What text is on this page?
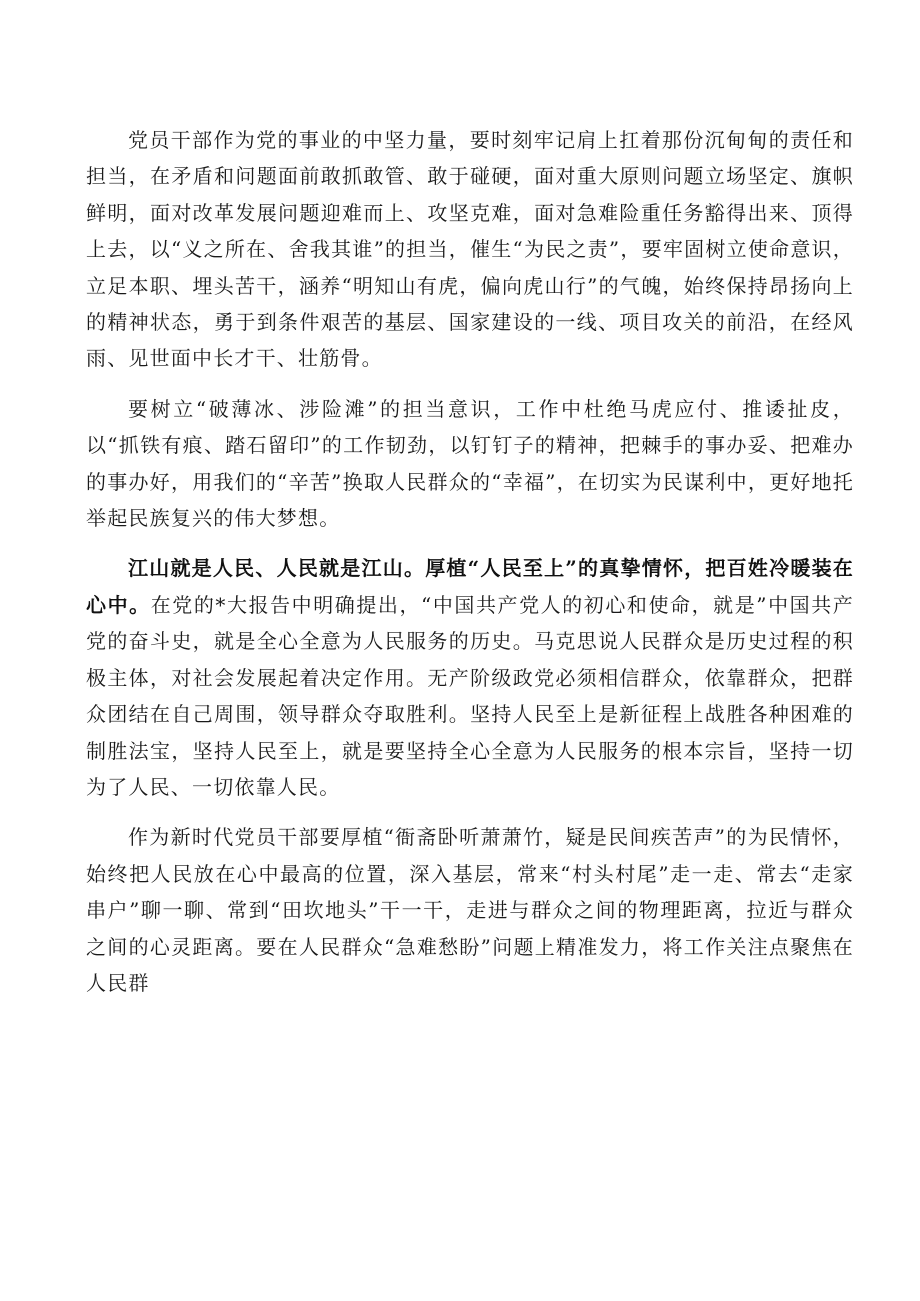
党员干部作为党的事业的中坚力量，要时刻牢记肩上扛着那份沉甸甸的责任和担当，在矛盾和问题面前敢抓敢管、敢于碰硬，面对重大原则问题立场坚定、旗帜鲜明，面对改革发展问题迎难而上、攻坚克难，面对急难险重任务豁得出来、顶得上去，以“义之所在、舍我其谁”的担当，催生“为民之责”，要牢固树立使命意识，立足本职、埋头苦干，涵养“明知山有虎，偏向虎山行”的气魄，始终保持昂扬向上的精神状态，勇于到条件艰苦的基层、国家建设的一线、项目攻关的前沿，在经风雨、见世面中长才干、壮筋骨。

要树立“破薄冰、涉险滩”的担当意识，工作中杜绝马虎应付、推诿扯皮，以“抓铁有痕、踏石留印”的工作韧劲，以钉钉子的精神，把棘手的事办妥、把难办的事办好，用我们的“辛苦”换取人民群众的“幸福”，在切实为民谋利中，更好地托举起民族复兴的伟大梦想。

江山就是人民、人民就是江山。厚植“人民至上”的真挚情怀，把百姓冷暖装在心中。在党的*大报告中明确提出，“中国共产党人的初心和使命，就是”中国共产党的奋斗史，就是全心全意为人民服务的历史。马克思说人民群众是历史过程的积极主体，对社会发展起着决定作用。无产阶级政党必须相信群众，依靠群众，把群众团结在自己周围，领导群众夺取胜利。坚持人民至上是新征程上战胜各种困难的制胜法宝，坚持人民至上，就是要坚持全心全意为人民服务的根本宗旨，坚持一切为了人民、一切依靠人民。

作为新时代党员干部要厚植“衙斋卧听萧萧竹，疑是民间疾苦声”的为民情怀，始终把人民放在心中最高的位置，深入基层，常来“村头村尾”走一走、常去“走家串户”聊一聊、常到“田坎地头”干一干，走进与群众之间的物理距离，拉近与群众之间的心灵距离。要在人民群众“急难愁盼”问题上精准发力，将工作关注点聚焦在人民群
